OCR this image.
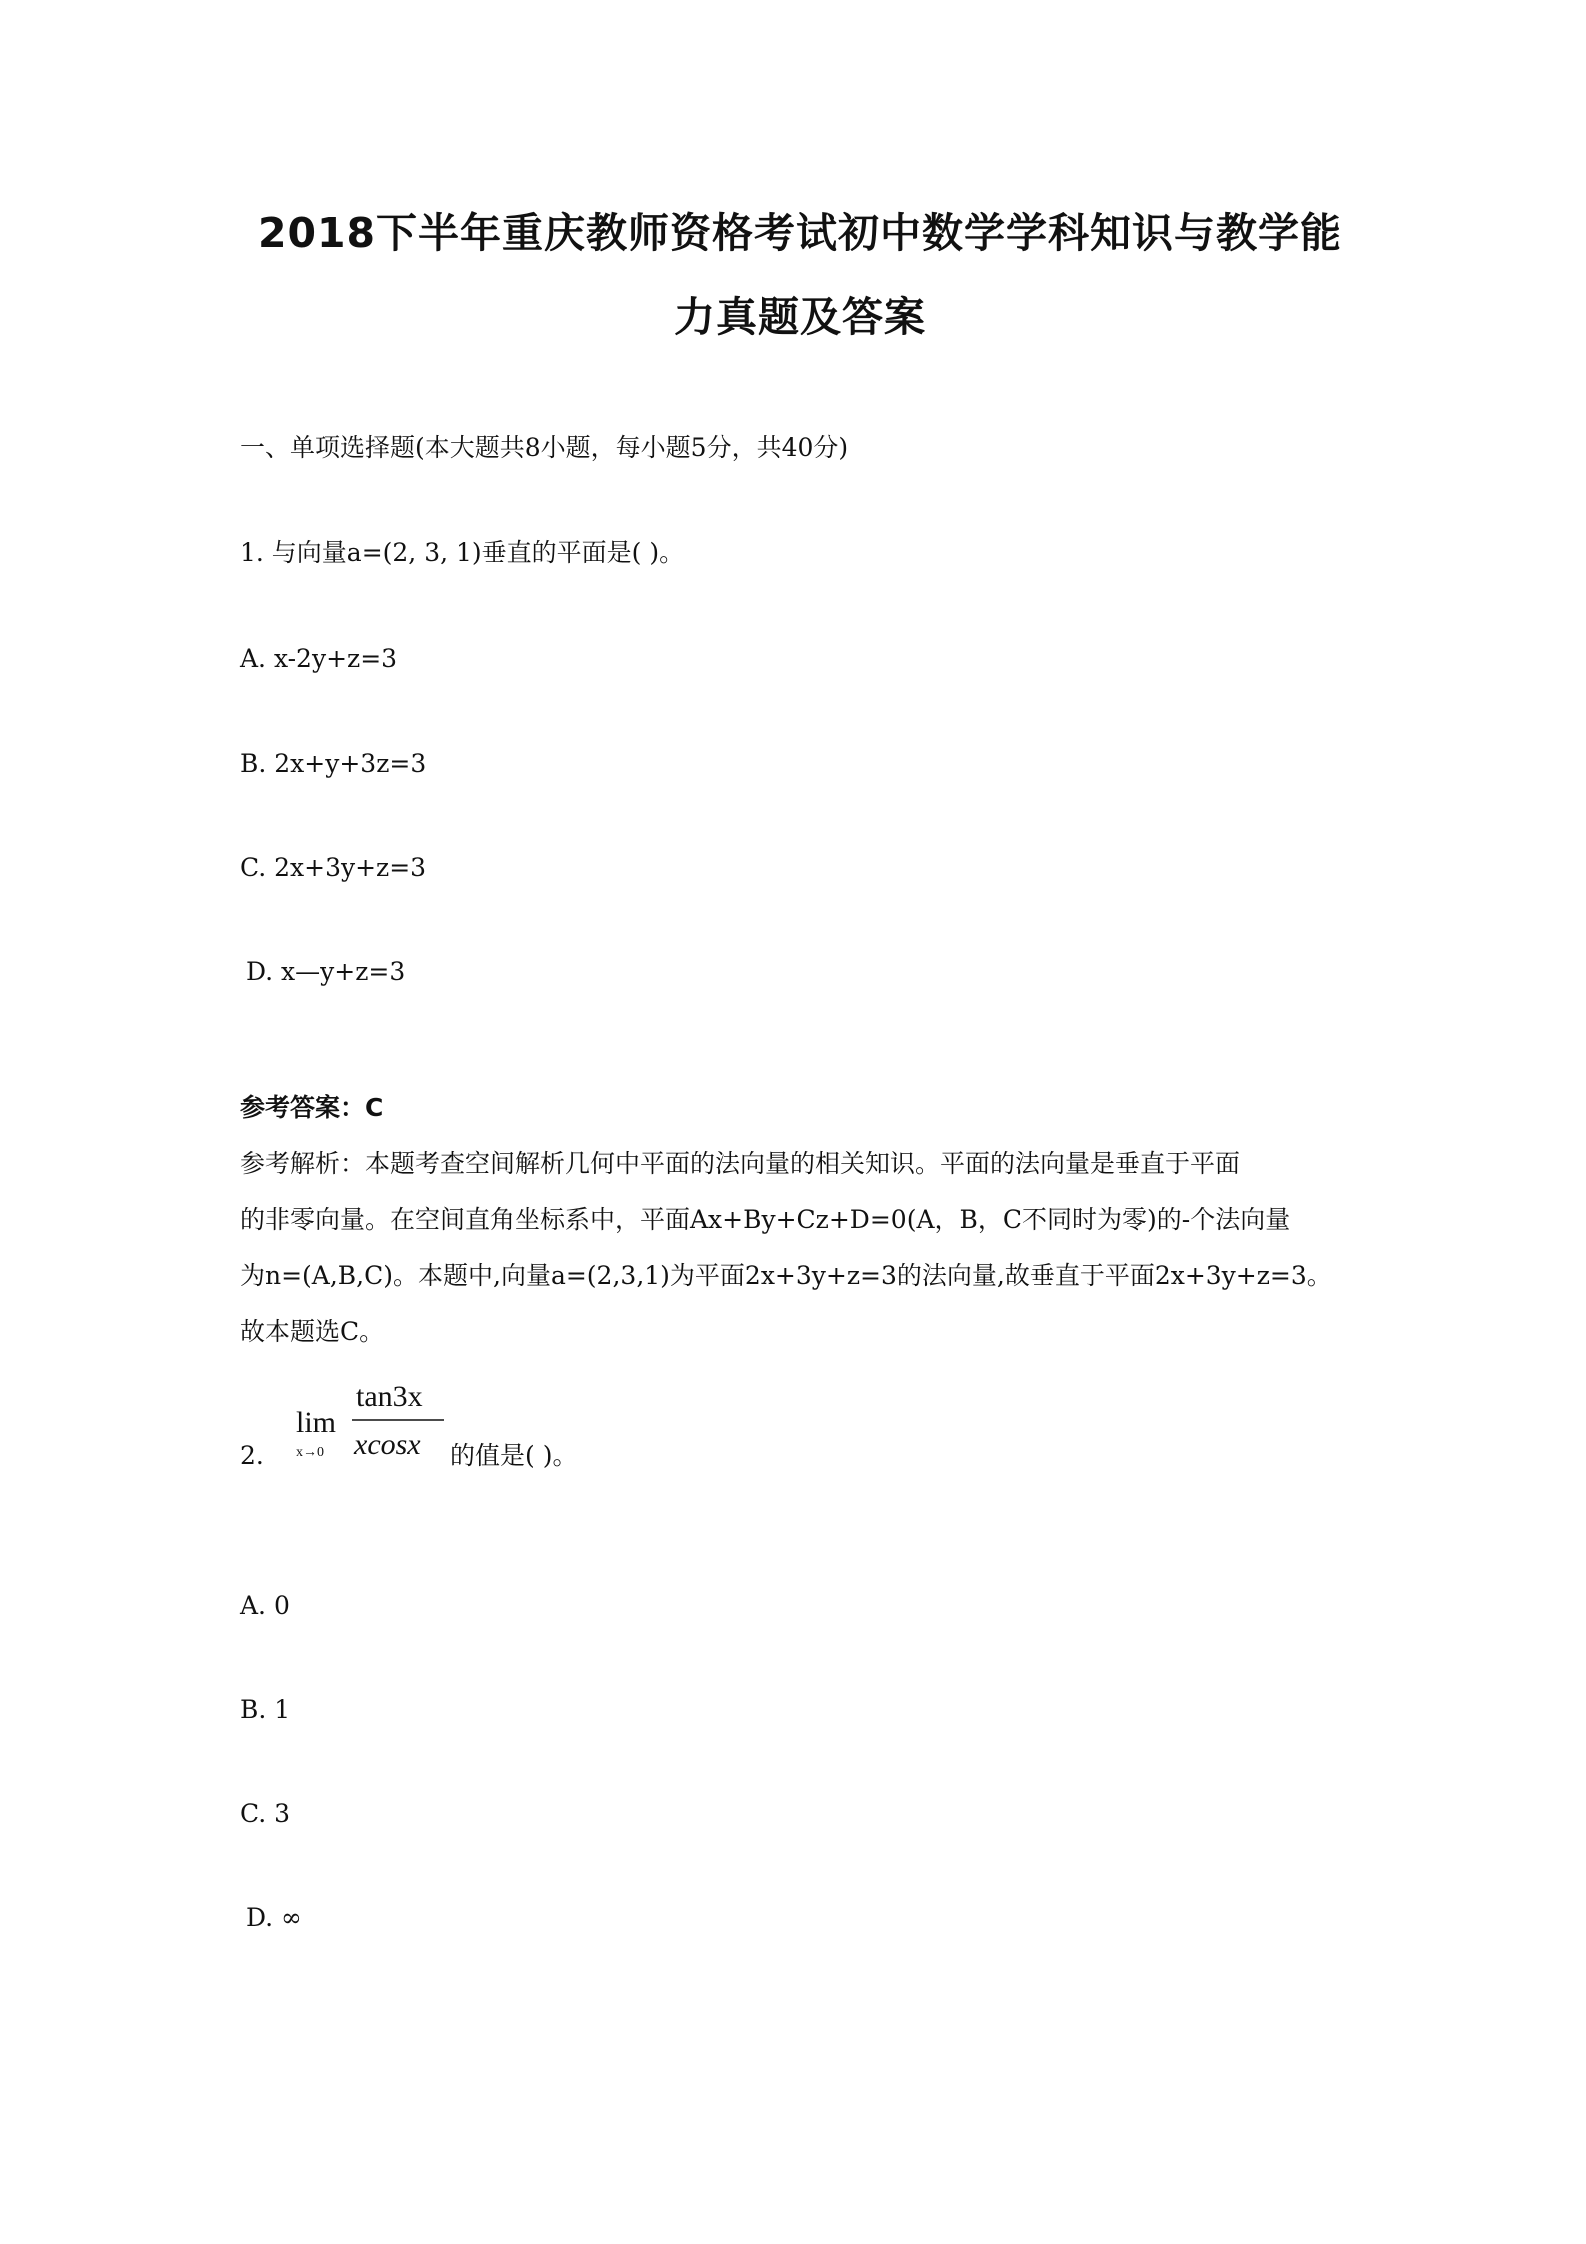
2018下半年重庆教师资格考试初中数学学科知识与教学能
力真题及答案
一、单项选择题(本大题共8小题，每小题5分，共40分)
1. 与向量a=(2, 3, 1)垂直的平面是( )。
A. x-2y+z=3
B. 2x+y+3z=3
C. 2x+3y+z=3
D. x—y+z=3
参考答案：C
参考解析：本题考查空间解析几何中平面的法向量的相关知识。平面的法向量是垂直于平面
的非零向量。在空间直角坐标系中，平面Ax+By+Cz+D=0(A，B，C不同时为零)的-个法向量
为n=(A,B,C)。本题中,向量a=(2,3,1)为平面2x+3y+z=3的法向量,故垂直于平面2x+3y+z=3。
故本题选C。
2.
lim
x→0
tan3x
xcosx 的值是( )。
A. 0
B. 1
C. 3
D. ∞
